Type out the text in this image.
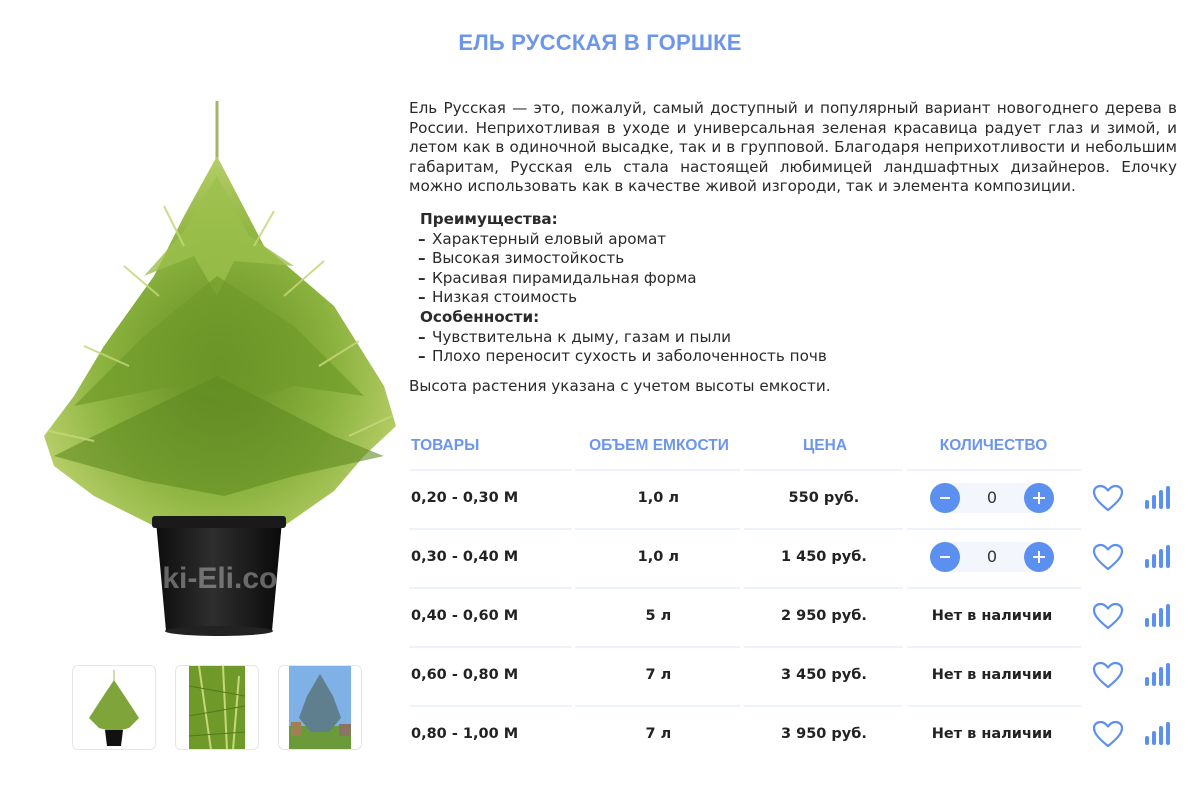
ЕЛЬ РУССКАЯ В ГОРШКЕ
Elki-Eli.com

Ель Русская — это, пожалуй, самый доступный и популярный вариант новогоднего дерева в России. Неприхотливая в уходе и универсальная зеленая красавица радует глаз и зимой, и летом как в одиночной высадке, так и в групповой. Благодаря неприхотливости и небольшим габаритам, Русская ель стала настоящей любимицей ландшафтных дизайнеров. Елочку можно использовать как в качестве живой изгороди, так и элемента композиции.

Преимущества:
– Характерный еловый аромат
– Высокая зимостойкость
– Красивая пирамидальная форма
– Низкая стоимость
Особенности:
– Чувствительна к дыму, газам и пыли
– Плохо переносит сухость и заболоченность почв

Высота растения указана с учетом высоты емкости.

ТОВАРЫ	ОБЪЕМ ЕМКОСТИ	ЦЕНА	КОЛИЧЕСТВО
0,20 - 0,30 М	1,0 л	550 руб.	0
0,30 - 0,40 М	1,0 л	1 450 руб.	0
0,40 - 0,60 М	5 л	2 950 руб.	Нет в наличии
0,60 - 0,80 М	7 л	3 450 руб.	Нет в наличии
0,80 - 1,00 М	7 л	3 950 руб.	Нет в наличии
